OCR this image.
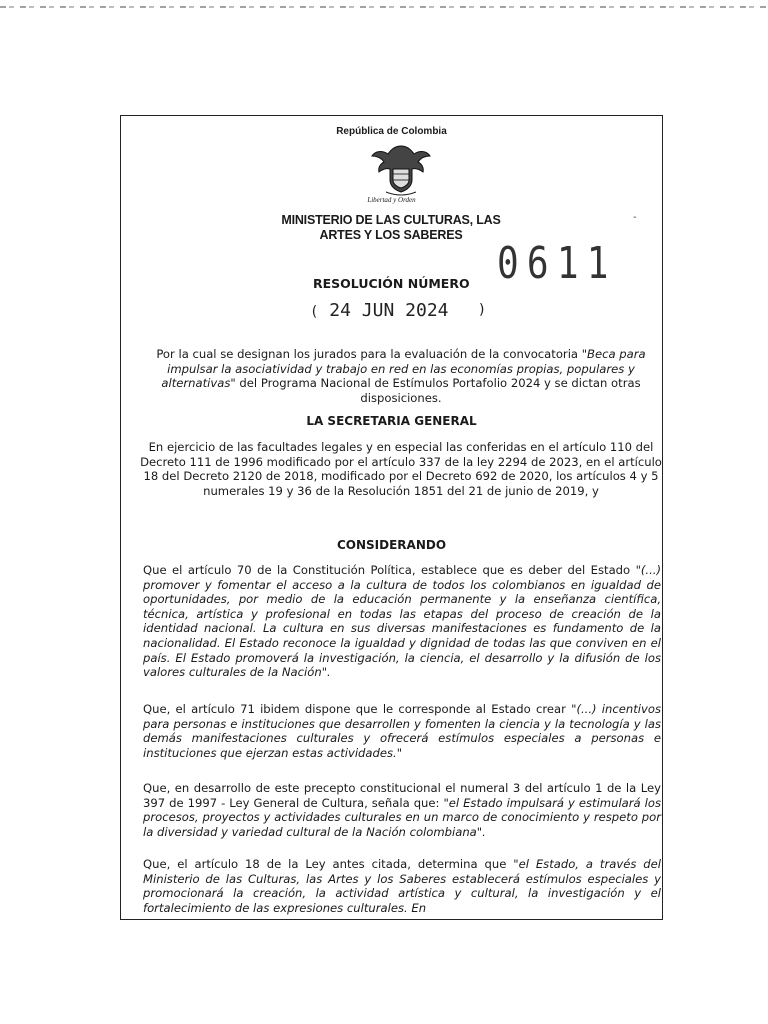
República de Colombia
Libertad y Orden
MINISTERIO DE LAS CULTURAS, LAS
ARTES Y LOS SABERES
-
RESOLUCIÓN NÚMERO 0611
( 24 JUN 2024 )

Por la cual se designan los jurados para la evaluación de la convocatoria "Beca para impulsar la asociatividad y trabajo en red en las economías propias, populares y alternativas" del Programa Nacional de Estímulos Portafolio 2024 y se dictan otras disposiciones.

LA SECRETARIA GENERAL

En ejercicio de las facultades legales y en especial las conferidas en el artículo 110 del Decreto 111 de 1996 modificado por el artículo 337 de la ley 2294 de 2023, en el artículo 18 del Decreto 2120 de 2018, modificado por el Decreto 692 de 2020, los artículos 4 y 5 numerales 19 y 36 de la Resolución 1851 del 21 de junio de 2019, y

CONSIDERANDO

Que el artículo 70 de la Constitución Política, establece que es deber del Estado "(...) promover y fomentar el acceso a la cultura de todos los colombianos en igualdad de oportunidades, por medio de la educación permanente y la enseñanza científica, técnica, artística y profesional en todas las etapas del proceso de creación de la identidad nacional. La cultura en sus diversas manifestaciones es fundamento de la nacionalidad. El Estado reconoce la igualdad y dignidad de todas las que conviven en el país. El Estado promoverá la investigación, la ciencia, el desarrollo y la difusión de los valores culturales de la Nación".

Que, el artículo 71 ibidem dispone que le corresponde al Estado crear "(...) incentivos para personas e instituciones que desarrollen y fomenten la ciencia y la tecnología y las demás manifestaciones culturales y ofrecerá estímulos especiales a personas e instituciones que ejerzan estas actividades."

Que, en desarrollo de este precepto constitucional el numeral 3 del artículo 1 de la Ley 397 de 1997 - Ley General de Cultura, señala que: "el Estado impulsará y estimulará los procesos, proyectos y actividades culturales en un marco de conocimiento y respeto por la diversidad y variedad cultural de la Nación colombiana".

Que, el artículo 18 de la Ley antes citada, determina que "el Estado, a través del Ministerio de las Culturas, las Artes y los Saberes establecerá estímulos especiales y promocionará la creación, la actividad artística y cultural, la investigación y el fortalecimiento de las expresiones culturales. En
